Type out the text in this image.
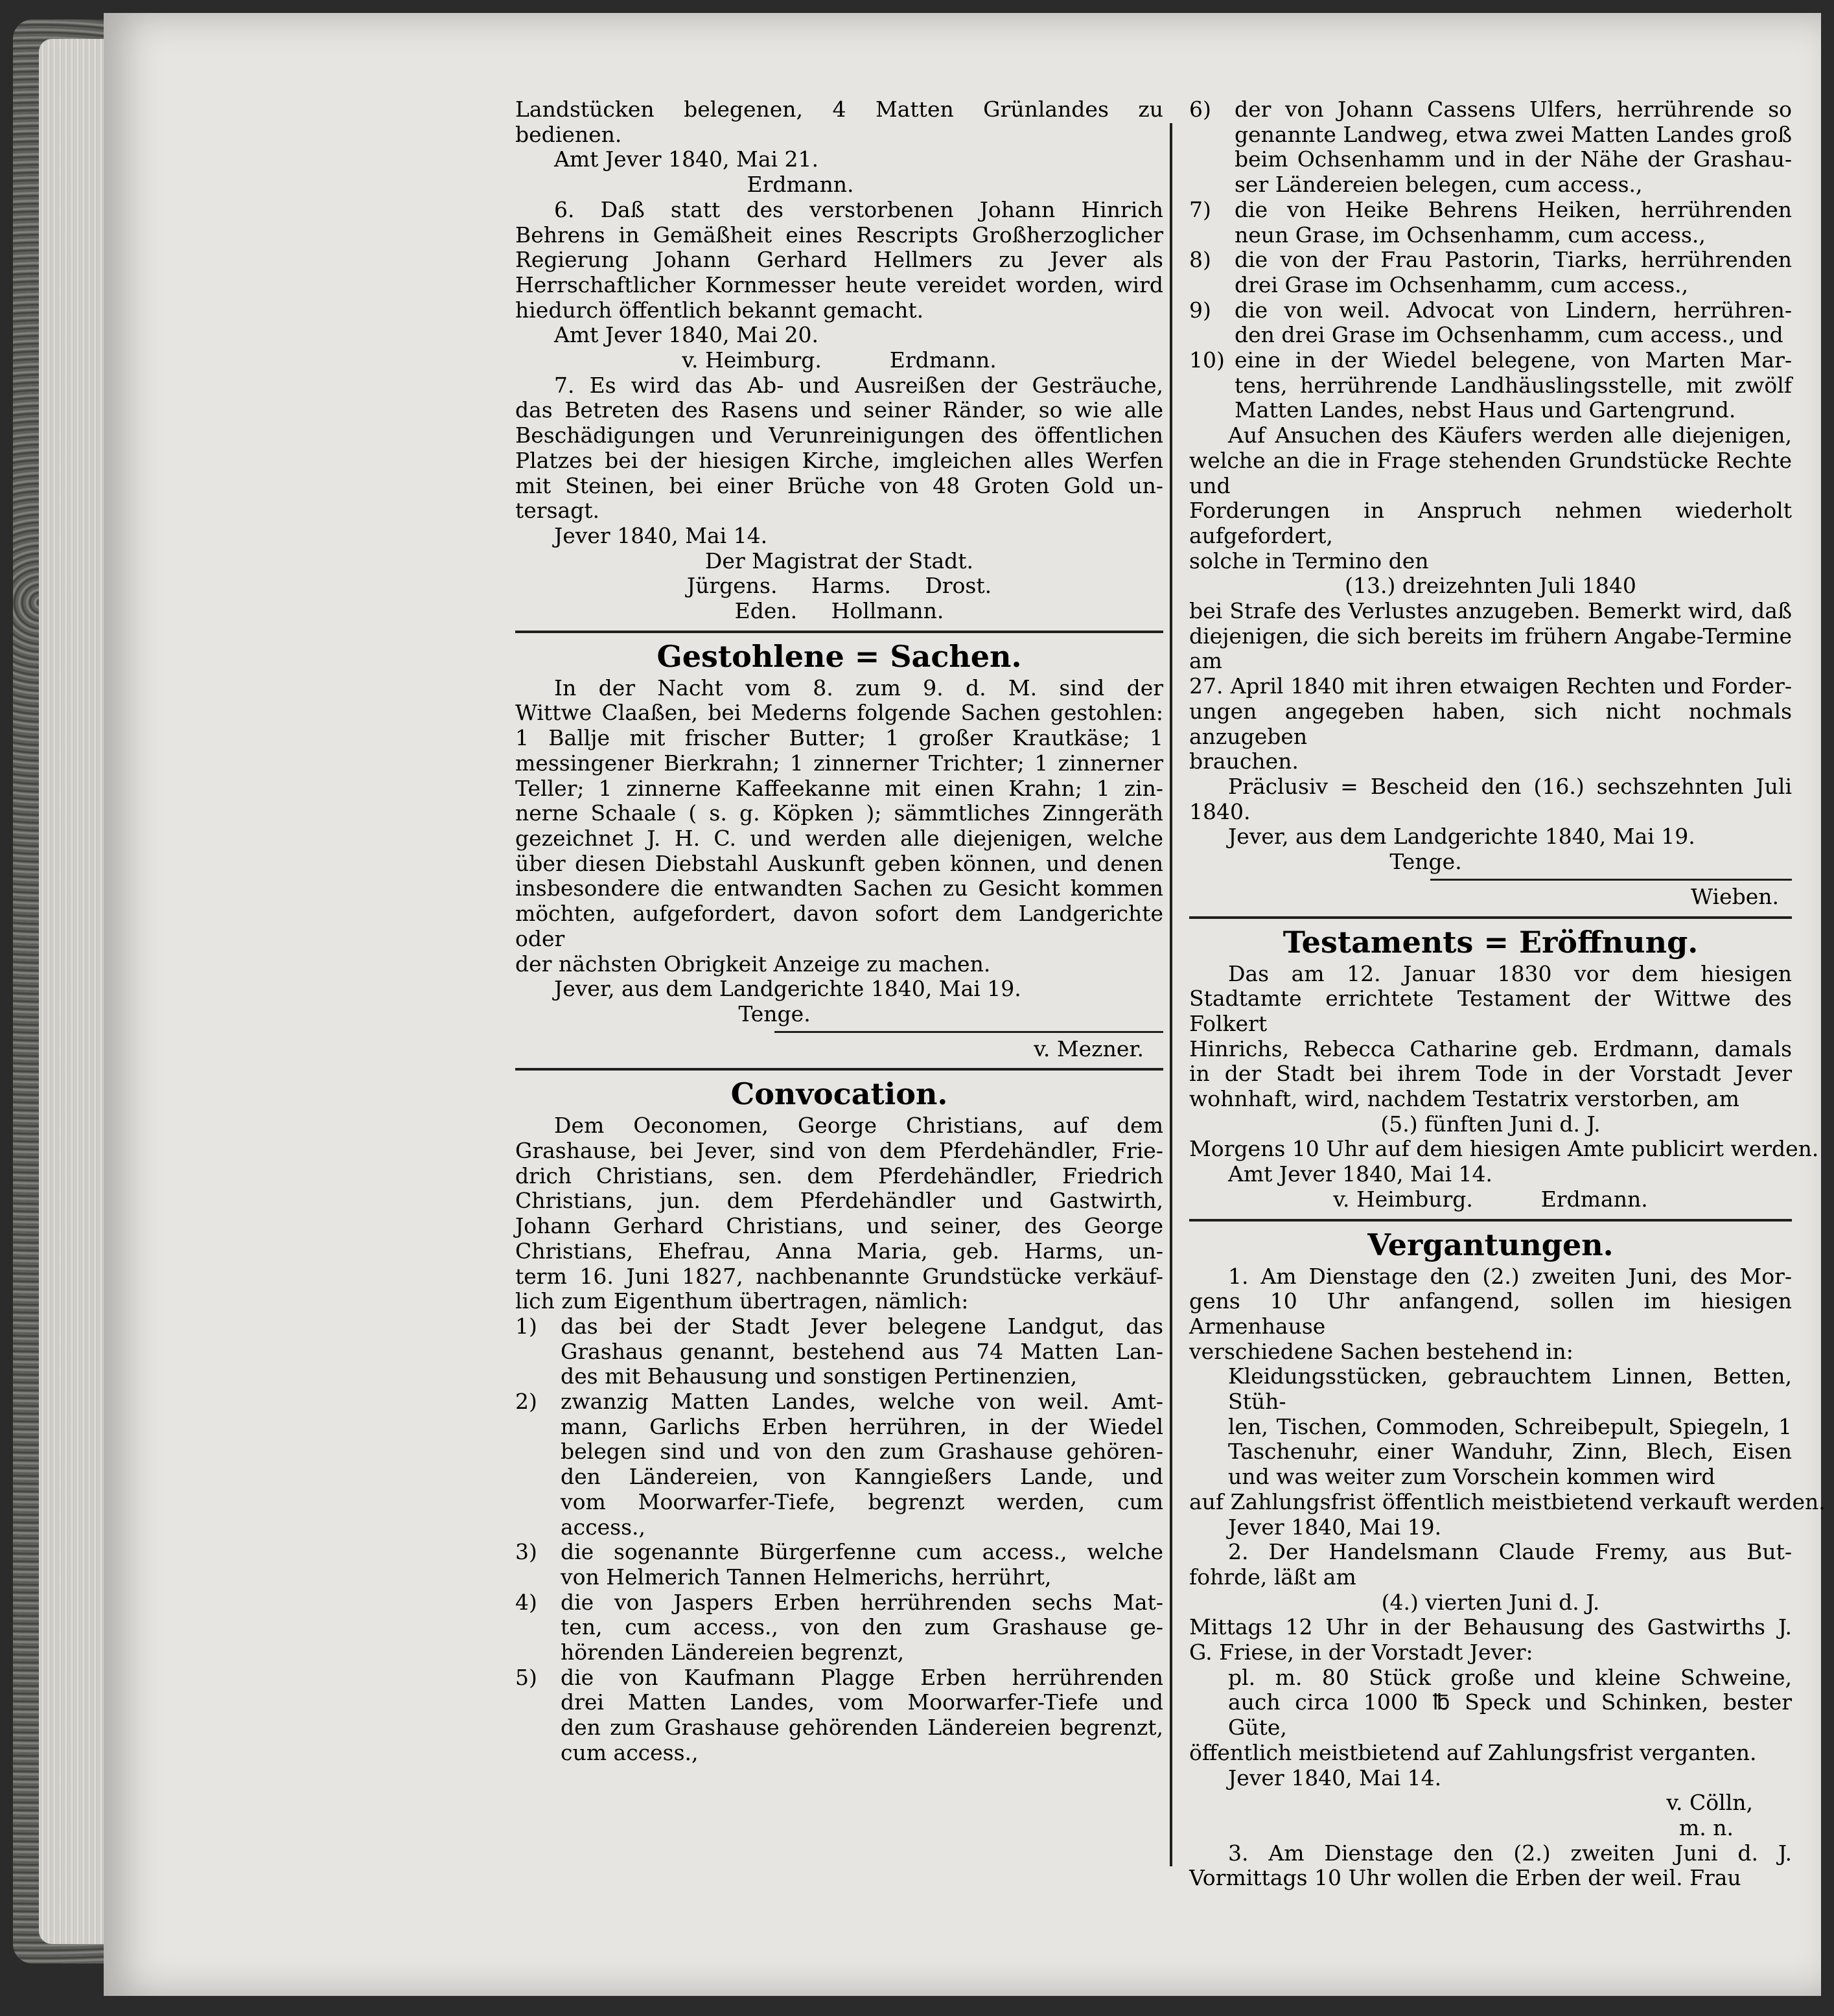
Landstücken belegenen, 4 Matten Grünlandes zu bedienen.
Amt Jever 1840, Mai 21.
Erdmann.
6. Daß statt des verstorbenen Johann Hinrich
Behrens in Gemäßheit eines Rescripts Großherzoglicher
Regierung Johann Gerhard Hellmers zu Jever als
Herrschaftlicher Kornmesser heute vereidet worden, wird
hiedurch öffentlich bekannt gemacht.
Amt Jever 1840, Mai 20.
v. Heimburg.          Erdmann.
7. Es wird das Ab- und Ausreißen der Gesträuche,
das Betreten des Rasens und seiner Ränder, so wie alle
Beschädigungen und Verunreinigungen des öffentlichen
Platzes bei der hiesigen Kirche, imgleichen alles Werfen
mit Steinen, bei einer Brüche von 48 Groten Gold un-
tersagt.
Jever 1840, Mai 14.
Der Magistrat der Stadt.
Jürgens.     Harms.     Drost.
Eden.     Hollmann.
Gestohlene = Sachen.
In der Nacht vom 8. zum 9. d. M. sind der
Wittwe Claaßen, bei Mederns folgende Sachen gestohlen:
1 Ballje mit frischer Butter; 1 großer Krautkäse; 1
messingener Bierkrahn; 1 zinnerner Trichter; 1 zinnerner
Teller; 1 zinnerne Kaffeekanne mit einen Krahn; 1 zin-
nerne Schaale ( s. g. Köpken ); sämmtliches Zinngeräth
gezeichnet J. H. C. und werden alle diejenigen, welche
über diesen Diebstahl Auskunft geben können, und denen
insbesondere die entwandten Sachen zu Gesicht kommen
möchten, aufgefordert, davon sofort dem Landgerichte oder
der nächsten Obrigkeit Anzeige zu machen.
Jever, aus dem Landgerichte 1840, Mai 19.
Tenge.
v. Mezner.
Convocation.
Dem Oeconomen, George Christians, auf dem
Grashause, bei Jever, sind von dem Pferdehändler, Frie-
drich Christians, sen. dem Pferdehändler, Friedrich
Christians, jun. dem Pferdehändler und Gastwirth,
Johann Gerhard Christians, und seiner, des George
Christians, Ehefrau, Anna Maria, geb. Harms, un-
term 16. Juni 1827, nachbenannte Grundstücke verkäuf-
lich zum Eigenthum übertragen, nämlich:
1)	das bei der Stadt Jever belegene Landgut, das
Grashaus genannt, bestehend aus 74 Matten Lan-
des mit Behausung und sonstigen Pertinenzien,
2)	zwanzig Matten Landes, welche von weil. Amt-
mann, Garlichs Erben herrühren, in der Wiedel
belegen sind und von den zum Grashause gehören-
den Ländereien, von Kanngießers Lande, und
vom Moorwarfer-Tiefe, begrenzt werden, cum
access.,
3)	die sogenannte Bürgerfenne cum access., welche
von Helmerich Tannen Helmerichs, herrührt,
4)	die von Jaspers Erben herrührenden sechs Mat-
ten, cum access., von den zum Grashause ge-
hörenden Ländereien begrenzt,
5)	die von Kaufmann Plagge Erben herrührenden
drei Matten Landes, vom Moorwarfer-Tiefe und
den zum Grashause gehörenden Ländereien begrenzt,
cum access.,
6)	der von Johann Cassens Ulfers, herrührende so
genannte Landweg, etwa zwei Matten Landes groß
beim Ochsenhamm und in der Nähe der Grashau-
ser Ländereien belegen, cum access.,
7)	die von Heike Behrens Heiken, herrührenden
neun Grase, im Ochsenhamm, cum access.,
8)	die von der Frau Pastorin, Tiarks, herrührenden
drei Grase im Ochsenhamm, cum access.,
9)	die von weil. Advocat von Lindern, herrühren-
den drei Grase im Ochsenhamm, cum access., und
10) eine in der Wiedel belegene, von Marten Mar-
tens, herrührende Landhäuslingsstelle, mit zwölf
Matten Landes, nebst Haus und Gartengrund.
Auf Ansuchen des Käufers werden alle diejenigen,
welche an die in Frage stehenden Grundstücke Rechte und
Forderungen in Anspruch nehmen wiederholt aufgefordert,
solche in Termino den
(13.) dreizehnten Juli 1840
bei Strafe des Verlustes anzugeben. Bemerkt wird, daß
diejenigen, die sich bereits im frühern Angabe-Termine am
27. April 1840 mit ihren etwaigen Rechten und Forder-
ungen angegeben haben, sich nicht nochmals anzugeben
brauchen.
Präclusiv = Bescheid den (16.) sechszehnten Juli
1840.
Jever, aus dem Landgerichte 1840, Mai 19.
Tenge.
Wieben.
Testaments = Eröffnung.
Das am 12. Januar 1830 vor dem hiesigen
Stadtamte errichtete Testament der Wittwe des Folkert
Hinrichs, Rebecca Catharine geb. Erdmann, damals
in der Stadt bei ihrem Tode in der Vorstadt Jever
wohnhaft, wird, nachdem Testatrix verstorben, am
(5.) fünften Juni d. J.
Morgens 10 Uhr auf dem hiesigen Amte publicirt werden.
Amt Jever 1840, Mai 14.
v. Heimburg.          Erdmann.
Vergantungen.
1. Am Dienstage den (2.) zweiten Juni, des Mor-
gens 10 Uhr anfangend, sollen im hiesigen Armenhause
verschiedene Sachen bestehend in:
Kleidungsstücken, gebrauchtem Linnen, Betten, Stüh-
len, Tischen, Commoden, Schreibepult, Spiegeln, 1
Taschenuhr, einer Wanduhr, Zinn, Blech, Eisen
und was weiter zum Vorschein kommen wird
auf Zahlungsfrist öffentlich meistbietend verkauft werden.
Jever 1840, Mai 19.
2. Der Handelsmann Claude Fremy, aus But-
fohrde, läßt am
(4.) vierten Juni d. J.
Mittags 12 Uhr in der Behausung des Gastwirths J.
G. Friese, in der Vorstadt Jever:
pl. m. 80 Stück große und kleine Schweine,
auch circa 1000 ℔ Speck und Schinken, bester
Güte,
öffentlich meistbietend auf Zahlungsfrist verganten.
Jever 1840, Mai 14.
v. Cölln,
m. n.
3. Am Dienstage den (2.) zweiten Juni d. J.
Vormittags 10 Uhr wollen die Erben der weil. Frau
